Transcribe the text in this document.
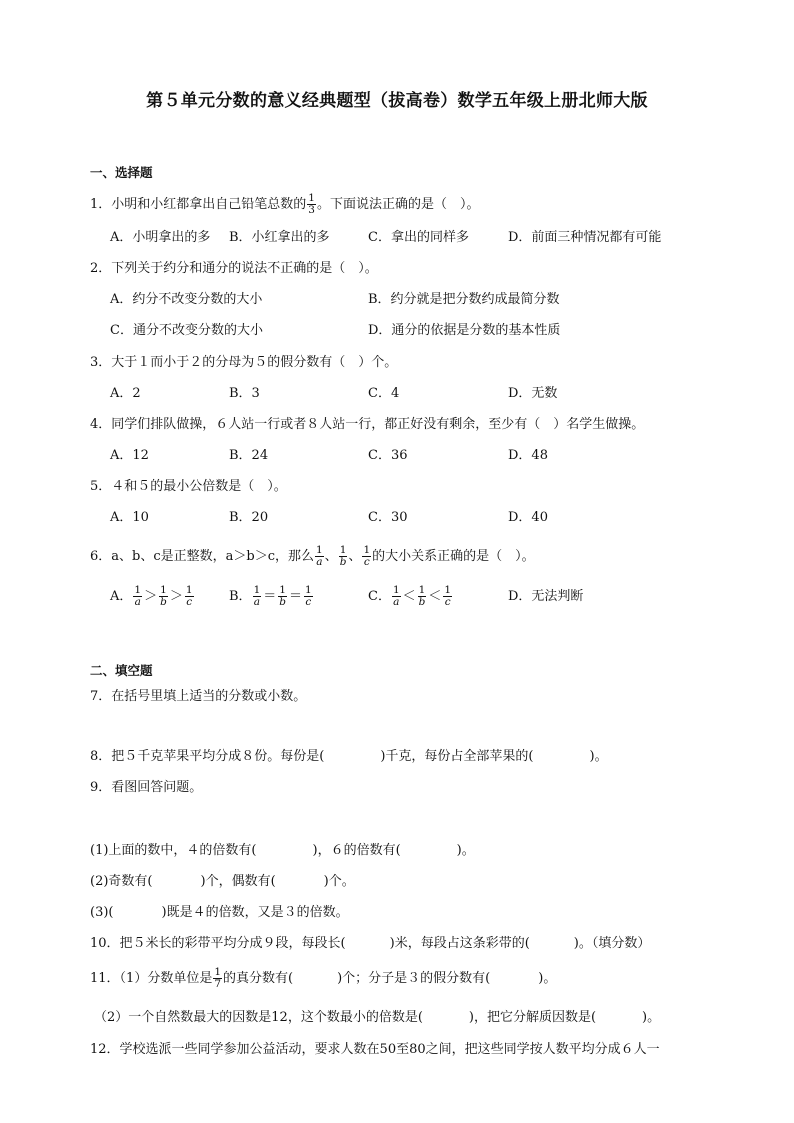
第５单元分数的意义经典题型（拔高卷）数学五年级上册北师大版
一、选择题
1．小明和小红都拿出自己铅笔总数的 $\frac{1}{3}$ 。下面说法正确的是（　）。
A．小明拿出的多 B．小红拿出的多	C．拿出的同样多	D．前面三种情况都有可能
2．下列关于约分和通分的说法不正确的是（　）。
A．约分不改变分数的大小	B．约分就是把分数约成最简分数
C．通分不改变分数的大小	D．通分的依据是分数的基本性质
3．大于１而小于２的分母为５的假分数有（　）个。
A．2	B．3	C．4	D．无数
4．同学们排队做操，６人站一行或者８人站一行，都正好没有剩余，至少有（　）名学生做操。
A．12	B．24	C．36	D．48
5．４和５的最小公倍数是（　）。
A．10	B．20	C．30	D．40
6．a、b、c是正整数，a＞b＞c，那么 $\frac{1}{a}$ 、 $\frac{1}{b}$ 、 $\frac{1}{c}$ 的大小关系正确的是（　）。
A． $\frac{1}{a} > \frac{1}{b} > \frac{1}{c}$	B． $\frac{1}{a} = \frac{1}{b} = \frac{1}{c}$	C． $\frac{1}{a} < \frac{1}{b} < \frac{1}{c}$	D．无法判断
二、填空题
7．在括号里填上适当的分数或小数。
8．把５千克苹果平均分成８份。每份是(	)千克，每份占全部苹果的(	)。
9．看图回答问题。
(1)上面的数中，４的倍数有(	)，６的倍数有(	)。
(2)奇数有(	)个，偶数有(	)个。
(3)(	)既是４的倍数，又是３的倍数。
10．把５米长的彩带平均分成９段，每段长(	)米，每段占这条彩带的(	)。（填分数）
11．（1）分数单位是 $\frac{1}{7}$ 的真分数有(	)个；分子是３的假分数有(	)。
（2）一个自然数最大的因数是12，这个数最小的倍数是(	)，把它分解质因数是(	)。
12．学校选派一些同学参加公益活动，要求人数在50至80之间，把这些同学按人数平均分成６人一
